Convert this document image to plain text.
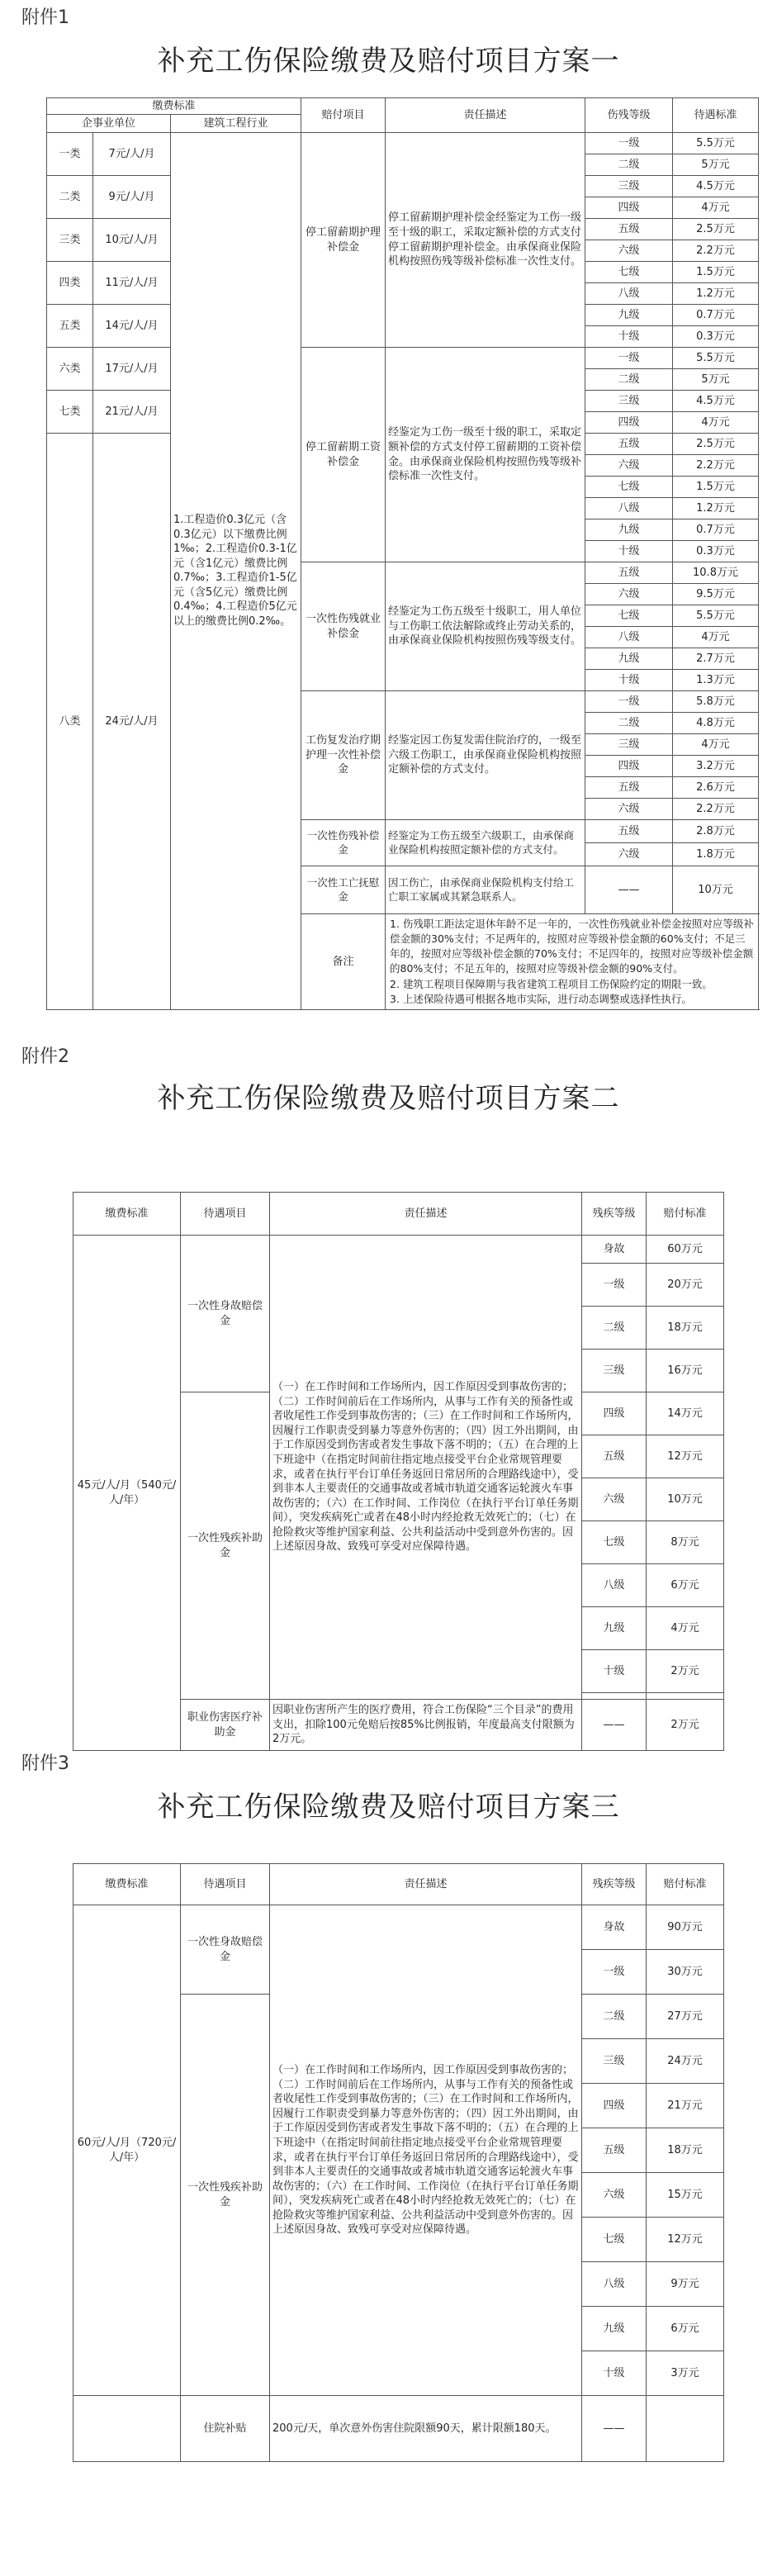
附件1
补充工伤保险缴费及赔付项目方案一
缴费标准			赔付项目	责任描述	伤残等级	待遇标准
企事业单位		建筑工程行业				
一类	7元/人/月	1.工程造价0.3亿元（含0.3亿元）以下缴费比例1‰；2.工程造价0.3-1亿元（含1亿元）缴费比例0.7‰；3.工程造价1-5亿元（含5亿元）缴费比例0.4‰；4.工程造价5亿元以上的缴费比例0.2‰。	停工留薪期护理补偿金	停工留薪期护理补偿金经鉴定为工伤一级至十级的职工，采取定额补偿的方式支付停工留薪期护理补偿金。由承保商业保险机构按照伤残等级补偿标准一次性支付。	一级	5.5万元
					二级	5万元
二类	9元/人/月				三级	4.5万元
					四级	4万元
三类	10元/人/月				五级	2.5万元
					六级	2.2万元
四类	11元/人/月				七级	1.5万元
					八级	1.2万元
五类	14元/人/月				九级	0.7万元
					十级	0.3万元
六类	17元/人/月		停工留薪期工资补偿金	经鉴定为工伤一级至十级的职工，采取定额补偿的方式支付停工留薪期的工资补偿金。由承保商业保险机构按照伤残等级补偿标准一次性支付。	一级	5.5万元
					二级	5万元
七类	21元/人/月				三级	4.5万元
					四级	4万元
八类	24元/人/月				五级	2.5万元
					六级	2.2万元
					七级	1.5万元
					八级	1.2万元
					九级	0.7万元
					十级	0.3万元
			一次性伤残就业补偿金	经鉴定为工伤五级至十级职工，用人单位与工伤职工依法解除或终止劳动关系的，由承保商业保险机构按照伤残等级支付。	五级	10.8万元
					六级	9.5万元
					七级	5.5万元
					八级	4万元
					九级	2.7万元
					十级	1.3万元
			工伤复发治疗期护理一次性补偿金	经鉴定因工伤复发需住院治疗的，一级至六级工伤职工，由承保商业保险机构按照定额补偿的方式支付。	一级	5.8万元
					二级	4.8万元
					三级	4万元
					四级	3.2万元
					五级	2.6万元
					六级	2.2万元
			一次性伤残补偿金	经鉴定为工伤五级至六级职工，由承保商业保险机构按照定额补偿的方式支付。	五级	2.8万元
					六级	1.8万元
			一次性工亡抚慰金	因工伤亡，由承保商业保险机构支付给工亡职工家属或其紧急联系人。	——	10万元
			备注	1. 伤残职工距法定退休年龄不足一年的，一次性伤残就业补偿金按照对应等级补偿金额的30%支付；不足两年的，按照对应等级补偿金额的60%支付；不足三年的，按照对应等级补偿金额的70%支付；不足四年的，按照对应等级补偿金额的80%支付；不足五年的，按照对应等级补偿金额的90%支付。
2. 建筑工程项目保障期与我省建筑工程项目工伤保险约定的期限一致。
3. 上述保险待遇可根据各地市实际，进行动态调整或选择性执行。		
附件2
补充工伤保险缴费及赔付项目方案二
缴费标准	待遇项目	责任描述	残疾等级	赔付标准
45元/人/月（540元/人/年）	一次性身故赔偿金	（一）在工作时间和工作场所内，因工作原因受到事故伤害的；（二）工作时间前后在工作场所内，从事与工作有关的预备性或者收尾性工作受到事故伤害的；（三）在工作时间和工作场所内，因履行工作职责受到暴力等意外伤害的；（四）因工外出期间，由于工作原因受到伤害或者发生事故下落不明的；（五）在合理的上下班途中（在指定时间前往指定地点接受平台企业常规管理要求，或者在执行平台订单任务返回日常居所的合理路线途中），受到非本人主要责任的交通事故或者城市轨道交通客运轮渡火车事故伤害的；（六）在工作时间、工作岗位（在执行平台订单任务期间），突发疾病死亡或者在48小时内经抢救无效死亡的；（七）在抢险救灾等维护国家利益、公共利益活动中受到意外伤害的。因上述原因身故、致残可享受对应保障待遇。	身故	60万元
			一级	20万元
			二级	18万元
			三级	16万元
	一次性残疾补助金		四级	14万元
			五级	12万元
			六级	10万元
			七级	8万元
			八级	6万元
			九级	4万元
			十级	2万元

	职业伤害医疗补助金	因职业伤害所产生的医疗费用，符合工伤保险“三个目录”的费用支出，扣除100元免赔后按85%比例报销，年度最高支付限额为2万元。	——	2万元
附件3
补充工伤保险缴费及赔付项目方案三
缴费标准	待遇项目	责任描述	残疾等级	赔付标准
60元/人/月（720元/人/年）	一次性身故赔偿金	（一）在工作时间和工作场所内，因工作原因受到事故伤害的；（二）工作时间前后在工作场所内，从事与工作有关的预备性或者收尾性工作受到事故伤害的；（三）在工作时间和工作场所内，因履行工作职责受到暴力等意外伤害的；（四）因工外出期间，由于工作原因受到伤害或者发生事故下落不明的；（五）在合理的上下班途中（在指定时间前往指定地点接受平台企业常规管理要求，或者在执行平台订单任务返回日常居所的合理路线途中），受到非本人主要责任的交通事故或者城市轨道交通客运轮渡火车事故伤害的；（六）在工作时间、工作岗位（在执行平台订单任务期间），突发疾病死亡或者在48小时内经抢救无效死亡的；（七）在抢险救灾等维护国家利益、公共利益活动中受到意外伤害的。因上述原因身故、致残可享受对应保障待遇。	身故	90万元
			一级	30万元
	一次性残疾补助金		二级	27万元
			三级	24万元
			四级	21万元
			五级	18万元
			六级	15万元
			七级	12万元
			八级	9万元
			九级	6万元
			十级	3万元
	住院补贴	200元/天，单次意外伤害住院限额90天，累计限额180天。	——	
